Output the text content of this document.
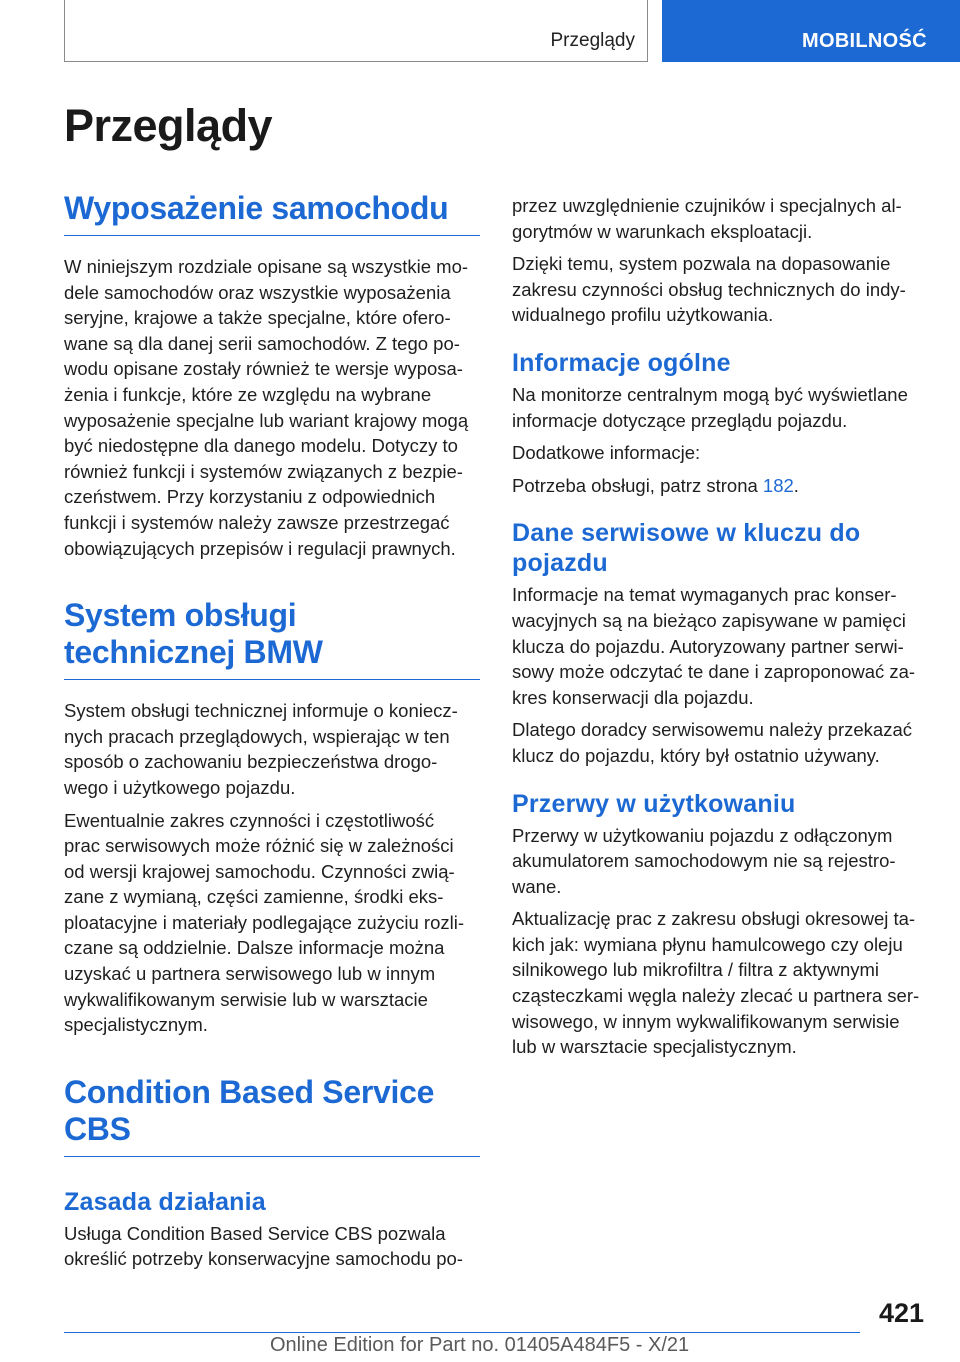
Przeglądy	MOBILNOŚĆ
Przeglądy
Wyposażenie samochodu

W niniejszym rozdziale opisane są wszystkie mo‐
dele samochodów oraz wszystkie wyposażenia
seryjne, krajowe a także specjalne, które ofero‐
wane są dla danej serii samochodów. Z tego po‐
wodu opisane zostały również te wersje wyposa‐
żenia i funkcje, które ze względu na wybrane
wyposażenie specjalne lub wariant krajowy mogą
być niedostępne dla danego modelu. Dotyczy to
również funkcji i systemów związanych z bezpie‐
czeństwem. Przy korzystaniu z odpowiednich
funkcji i systemów należy zawsze przestrzegać
obowiązujących przepisów i regulacji prawnych.

System obsługi
technicznej BMW

System obsługi technicznej informuje o koniecz‐
nych pracach przeglądowych, wspierając w ten
sposób o zachowaniu bezpieczeństwa drogo‐
wego i użytkowego pojazdu.

Ewentualnie zakres czynności i częstotliwość
prac serwisowych może różnić się w zależności
od wersji krajowej samochodu. Czynności zwią‐
zane z wymianą, części zamienne, środki eks‐
ploatacyjne i materiały podlegające zużyciu rozli‐
czane są oddzielnie. Dalsze informacje można
uzyskać u partnera serwisowego lub w innym
wykwalifikowanym serwisie lub w warsztacie
specjalistycznym.

Condition Based Service
CBS
Zasada działania

Usługa Condition Based Service CBS pozwala
określić potrzeby konserwacyjne samochodu po‐

przez uwzględnienie czujników i specjalnych al‐
gorytmów w warunkach eksploatacji.

Dzięki temu, system pozwala na dopasowanie
zakresu czynności obsług technicznych do indy‐
widualnego profilu użytkowania.

Informacje ogólne

Na monitorze centralnym mogą być wyświetlane
informacje dotyczące przeglądu pojazdu.

Dodatkowe informacje:

Potrzeba obsługi, patrz strona 182.

Dane serwisowe w kluczu do
pojazdu

Informacje na temat wymaganych prac konser‐
wacyjnych są na bieżąco zapisywane w pamięci
klucza do pojazdu. Autoryzowany partner serwi‐
sowy może odczytać te dane i zaproponować za‐
kres konserwacji dla pojazdu.

Dlatego doradcy serwisowemu należy przekazać
klucz do pojazdu, który był ostatnio używany.

Przerwy w użytkowaniu

Przerwy w użytkowaniu pojazdu z odłączonym
akumulatorem samochodowym nie są rejestro‐
wane.

Aktualizację prac z zakresu obsługi okresowej ta‐
kich jak: wymiana płynu hamulcowego czy oleju
silnikowego lub mikrofiltra / filtra z aktywnymi
cząsteczkami węgla należy zlecać u partnera ser‐
wisowego, w innym wykwalifikowanym serwisie
lub w warsztacie specjalistycznym.

421
Online Edition for Part no. 01405A484F5 - X/21
